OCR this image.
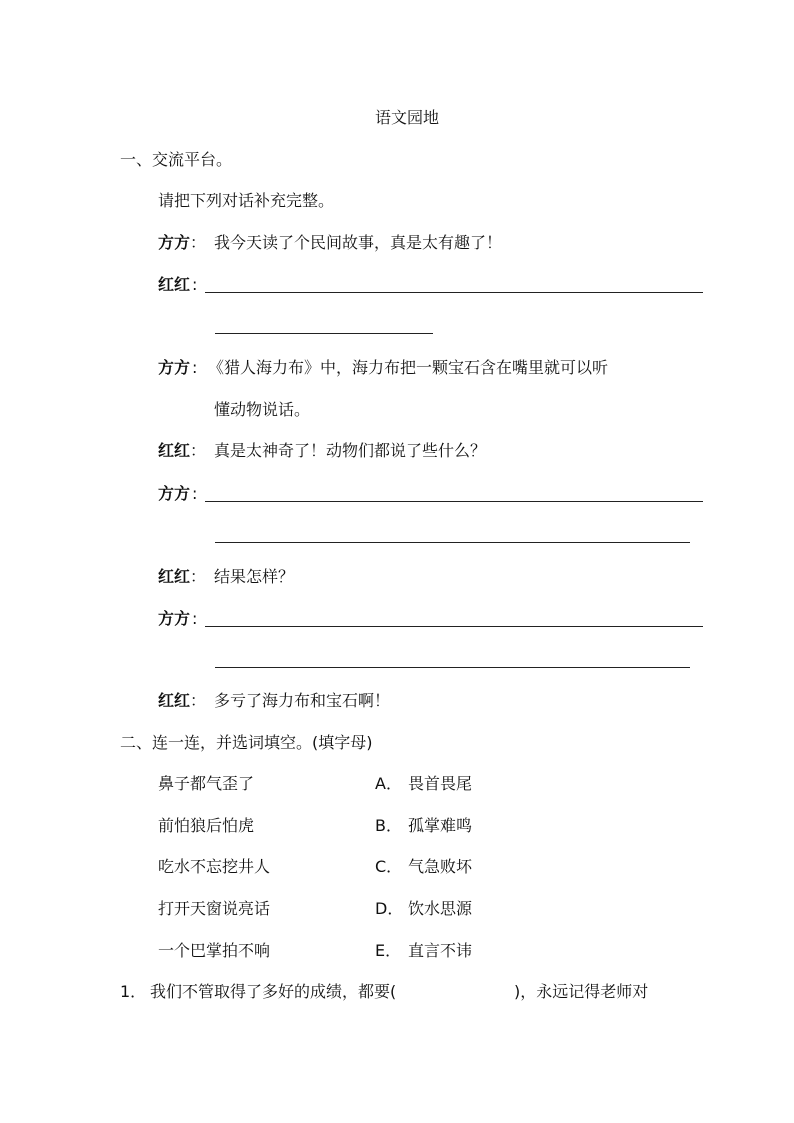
语文园地
一、交流平台。
请把下列对话补充完整。
方方 ： 我今天读了个民间故事，真是太有趣了！
红红 :
方方 : 《猎人海力布》中，海力布把一颗宝石含在嘴里就可以听
懂动物说话。
红红 ： 真是太神奇了！动物们都说了些什么？
方方 :
红红 ： 结果怎样？
方方 :
红红 ： 多亏了海力布和宝石啊！
二、连一连，并选词填空。(填字母)
鼻子都气歪了
前怕狼后怕虎
吃水不忘挖井人
打开天窗说亮话
一个巴掌拍不响
A． 畏首畏尾
B． 孤掌难鸣
C． 气急败坏
D． 饮水思源
E． 直言不讳
1． 我们不管取得了多好的成绩，都要(	)，永远记得老师对
